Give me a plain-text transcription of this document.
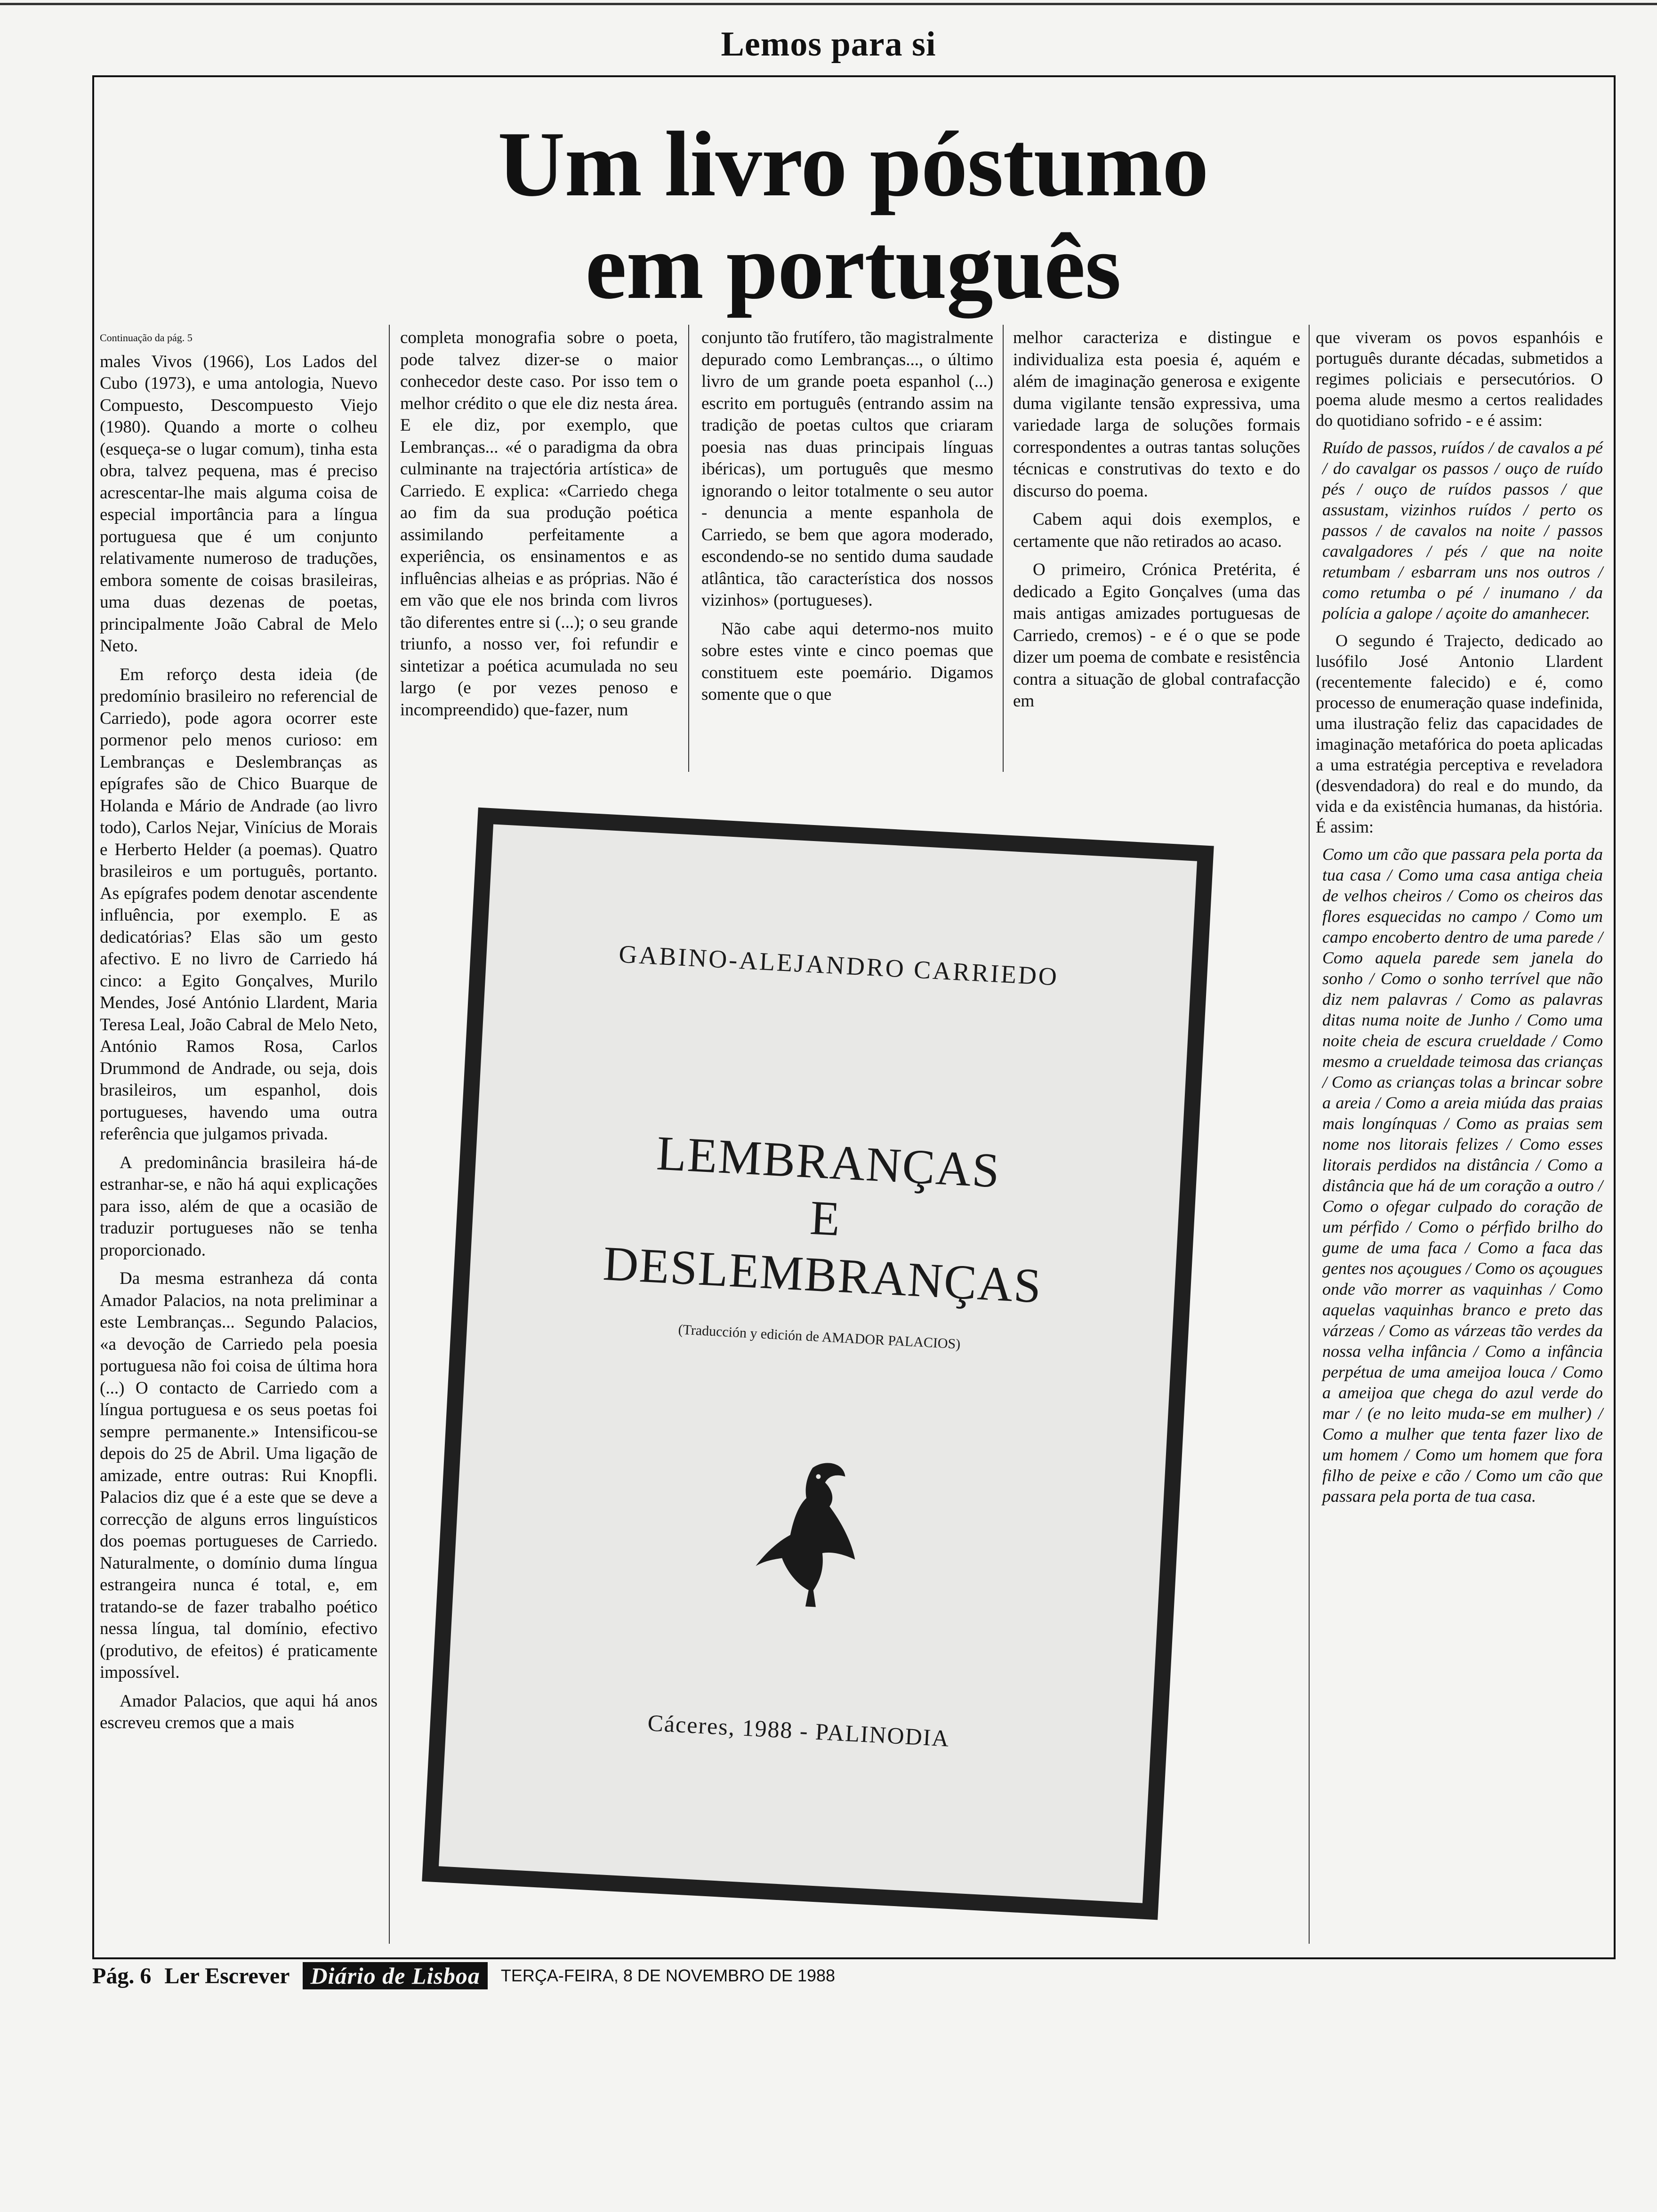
Lemos para si
Um livro póstumo
em português
Continuação da pág. 5

males Vivos (1966), Los Lados del Cubo (1973), e uma antologia, Nuevo Compuesto, Descompuesto Viejo (1980). Quando a morte o colheu (esqueça-se o lugar comum), tinha esta obra, talvez pequena, mas é preciso acrescentar-lhe mais alguma coisa de especial importância para a língua portuguesa que é um conjunto relativamente numeroso de traduções, embora somente de coisas brasileiras, uma duas dezenas de poetas, principalmente João Cabral de Melo Neto.

Em reforço desta ideia (de predomínio brasileiro no referencial de Carriedo), pode agora ocorrer este pormenor pelo menos curioso: em Lembranças e Deslembranças as epígrafes são de Chico Buarque de Holanda e Mário de Andrade (ao livro todo), Carlos Nejar, Vinícius de Morais e Herberto Helder (a poemas). Quatro brasileiros e um português, portanto. As epígrafes podem denotar ascendente influência, por exemplo. E as dedicatórias? Elas são um gesto afectivo. E no livro de Carriedo há cinco: a Egito Gonçalves, Murilo Mendes, José António Llardent, Maria Teresa Leal, João Cabral de Melo Neto, António Ramos Rosa, Carlos Drummond de Andrade, ou seja, dois brasileiros, um espanhol, dois portugueses, havendo uma outra referência que julgamos privada.

A predominância brasileira há-de estranhar-se, e não há aqui explicações para isso, além de que a ocasião de traduzir portugueses não se tenha proporcionado.

Da mesma estranheza dá conta Amador Palacios, na nota preliminar a este Lembranças... Segundo Palacios, «a devoção de Carriedo pela poesia portuguesa não foi coisa de última hora (...) O contacto de Carriedo com a língua portuguesa e os seus poetas foi sempre permanente.» Intensificou-se depois do 25 de Abril. Uma ligação de amizade, entre outras: Rui Knopfli. Palacios diz que é a este que se deve a correcção de alguns erros linguísticos dos poemas portugueses de Carriedo. Naturalmente, o domínio duma língua estrangeira nunca é total, e, em tratando-se de fazer trabalho poético nessa língua, tal domínio, efectivo (produtivo, de efeitos) é praticamente impossível.

Amador Palacios, que aqui há anos escreveu cremos que a mais

completa monografia sobre o poeta, pode talvez dizer-se o maior conhecedor deste caso. Por isso tem o melhor crédito o que ele diz nesta área. E ele diz, por exemplo, que Lembranças... «é o paradigma da obra culminante na trajectória artística» de Carriedo. E explica: «Carriedo chega ao fim da sua produção poética assimilando perfeitamente a experiência, os ensinamentos e as influências alheias e as próprias. Não é em vão que ele nos brinda com livros tão diferentes entre si (...); o seu grande triunfo, a nosso ver, foi refundir e sintetizar a poética acumulada no seu largo (e por vezes penoso e incompreendido) que-fazer, num

conjunto tão frutífero, tão magistralmente depurado como Lembranças..., o último livro de um grande poeta espanhol (...) escrito em português (entrando assim na tradição de poetas cultos que criaram poesia nas duas principais línguas ibéricas), um português que mesmo ignorando o leitor totalmente o seu autor - denuncia a mente espanhola de Carriedo, se bem que agora moderado, escondendo-se no sentido duma saudade atlântica, tão característica dos nossos vizinhos» (portugueses).

Não cabe aqui determo-nos muito sobre estes vinte e cinco poemas que constituem este poemário. Digamos somente que o que

melhor caracteriza e distingue e individualiza esta poesia é, aquém e além de imaginação generosa e exigente duma vigilante tensão expressiva, uma variedade larga de soluções formais correspondentes a outras tantas soluções técnicas e construtivas do texto e do discurso do poema.

Cabem aqui dois exemplos, e certamente que não retirados ao acaso.

O primeiro, Crónica Pretérita, é dedicado a Egito Gonçalves (uma das mais antigas amizades portuguesas de Carriedo, cremos) - e é o que se pode dizer um poema de combate e resistência contra a situação de global contrafacção em

que viveram os povos espanhóis e português durante décadas, submetidos a regimes policiais e persecutórios. O poema alude mesmo a certos realidades do quotidiano sofrido - e é assim:

Ruído de passos, ruídos / de cavalos a pé / do cavalgar os passos / ouço de ruído pés / ouço de ruídos passos / que assustam, vizinhos ruídos / perto os passos / de cavalos na noite / passos cavalgadores / pés / que na noite retumbam / esbarram uns nos outros / como retumba o pé / inumano / da polícia a galope / açoite do amanhecer.

O segundo é Trajecto, dedicado ao lusófilo José Antonio Llardent (recentemente falecido) e é, como processo de enumeração quase indefinida, uma ilustração feliz das capacidades de imaginação metafórica do poeta aplicadas a uma estratégia perceptiva e reveladora (desvendadora) do real e do mundo, da vida e da existência humanas, da história. É assim:

Como um cão que passara pela porta da tua casa / Como uma casa antiga cheia de velhos cheiros / Como os cheiros das flores esquecidas no campo / Como um campo encoberto dentro de uma parede / Como aquela parede sem janela do sonho / Como o sonho terrível que não diz nem palavras / Como as palavras ditas numa noite de Junho / Como uma noite cheia de escura crueldade / Como mesmo a crueldade teimosa das crianças / Como as crianças tolas a brincar sobre a areia / Como a areia miúda das praias mais longínquas / Como as praias sem nome nos litorais felizes / Como esses litorais perdidos na distância / Como a distância que há de um coração a outro / Como o ofegar culpado do coração de um pérfido / Como o pérfido brilho do gume de uma faca / Como a faca das gentes nos açougues / Como os açougues onde vão morrer as vaquinhas / Como aquelas vaquinhas branco e preto das várzeas / Como as várzeas tão verdes da nossa velha infância / Como a infância perpétua de uma ameijoa louca / Como a ameijoa que chega do azul verde do mar / (e no leito muda-se em mulher) / Como a mulher que tenta fazer lixo de um homem / Como um homem que fora filho de peixe e cão / Como um cão que passara pela porta de tua casa.

GABINO-ALEJANDRO CARRIEDO
LEMBRANÇAS
E
DESLEMBRANÇAS
(Traducción y edición de AMADOR PALACIOS)
Cáceres, 1988 - PALINODIA
Pág. 6 Ler Escrever Diário de Lisboa	TERÇA-FEIRA, 8 DE NOVEMBRO DE 1988
